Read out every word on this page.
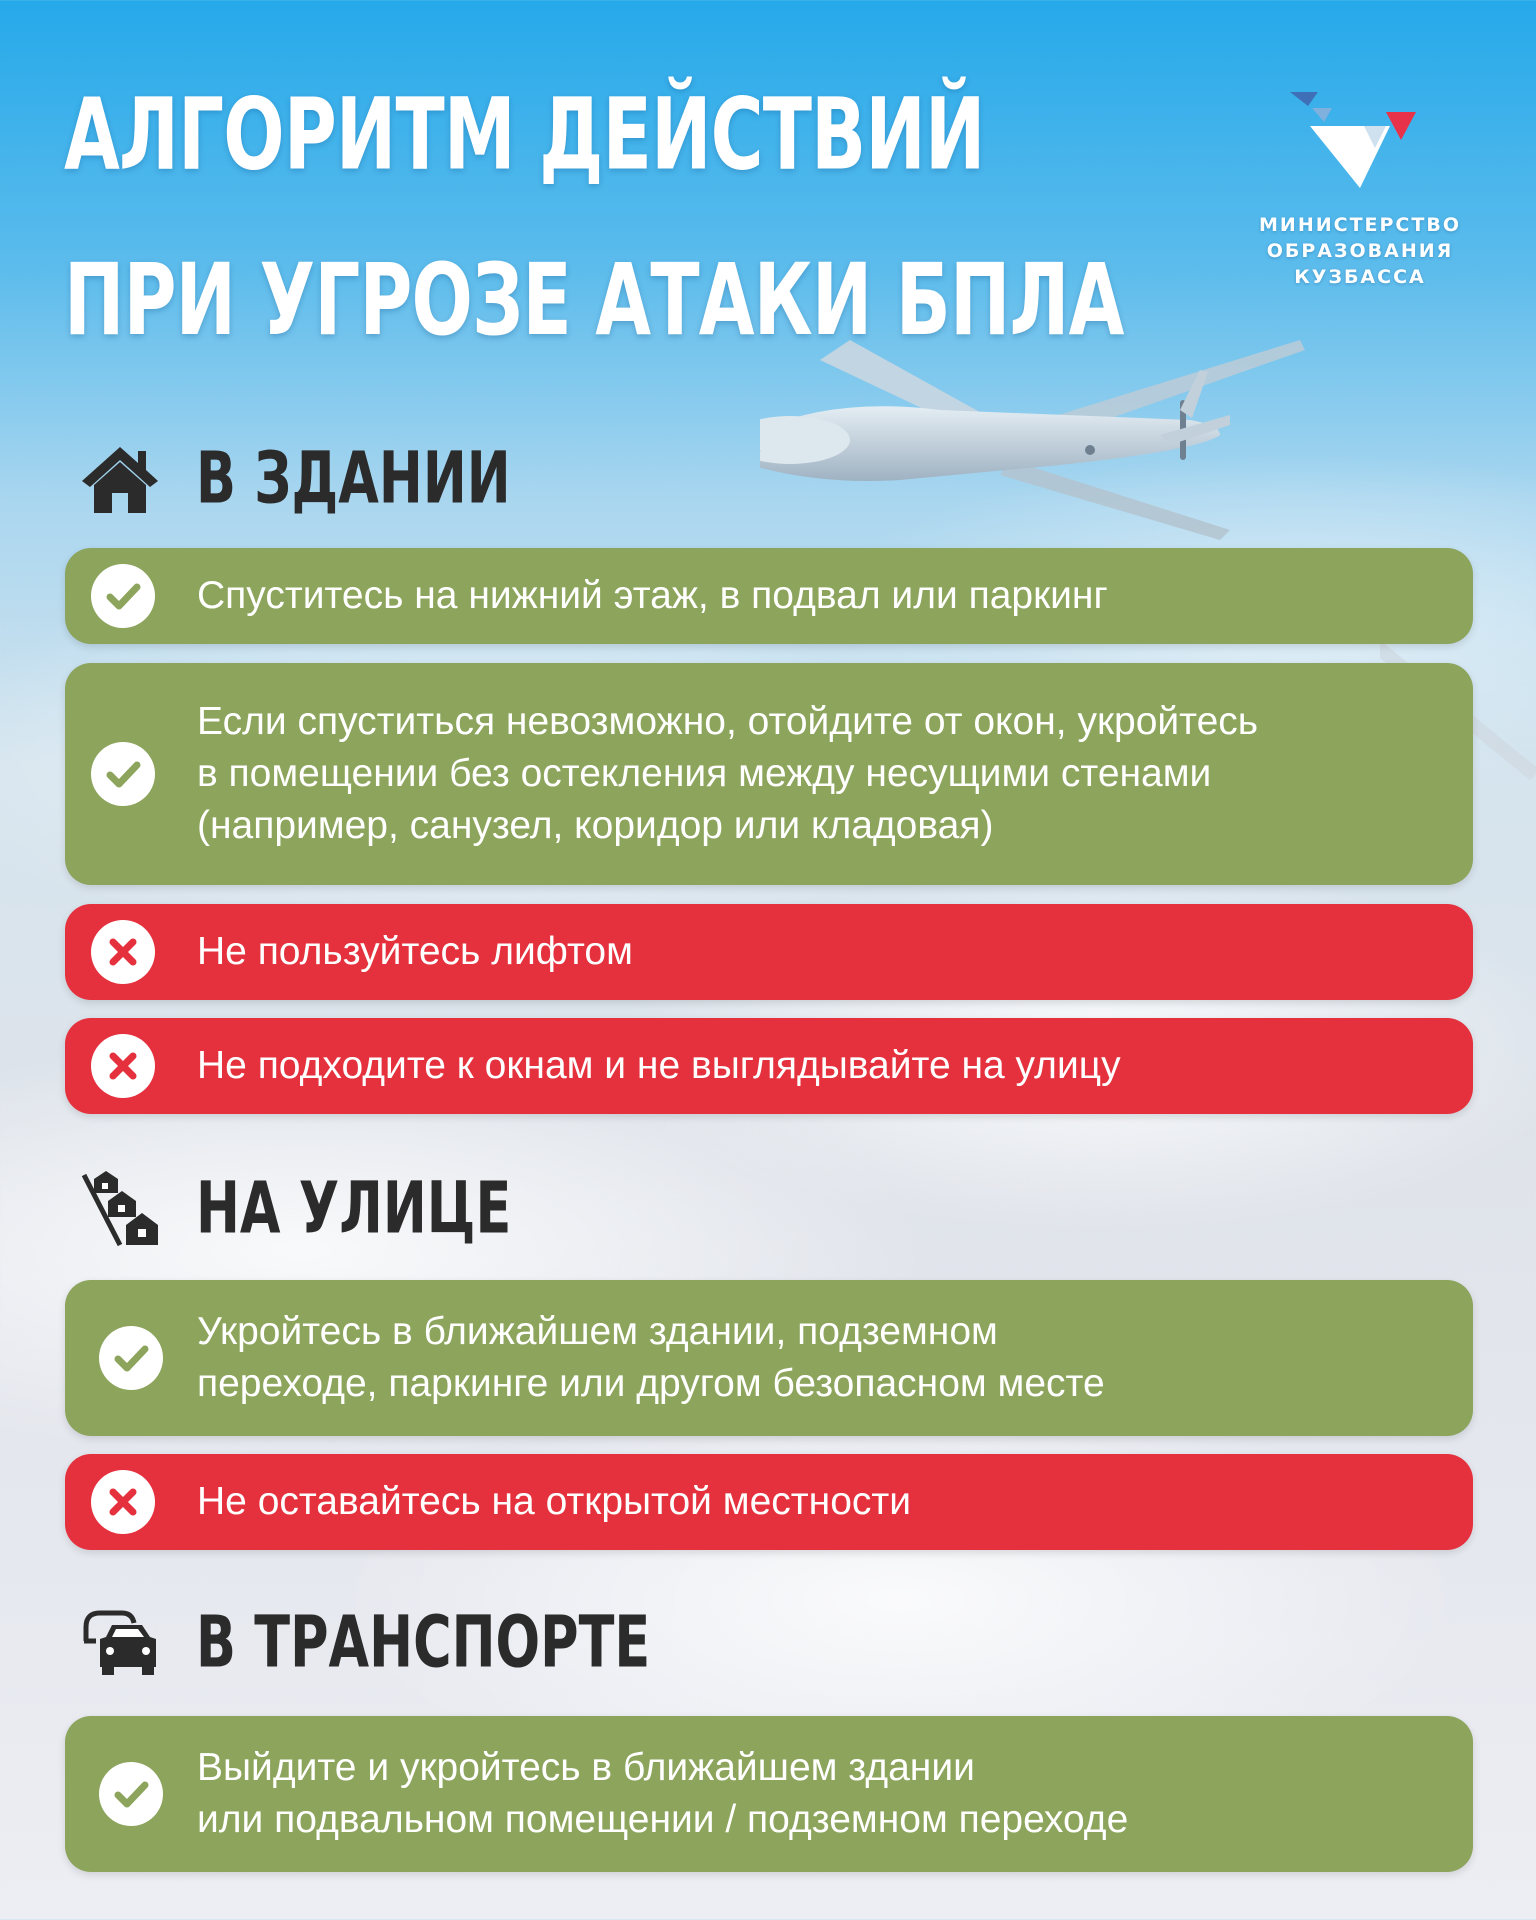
АЛГОРИТМ ДЕЙСТВИЙ
ПРИ УГРОЗЕ АТАКИ БПЛА
МИНИСТЕРСТВО
ОБРАЗОВАНИЯ
КУЗБАССА
В ЗДАНИИ
Спуститесь на нижний этаж, в подвал или паркинг
Если спуститься невозможно, отойдите от окон, укройтесь
в помещении без остекления между несущими стенами
(например, санузел, коридор или кладовая)
Не пользуйтесь лифтом
Не подходите к окнам и не выглядывайте на улицу
НА УЛИЦЕ
Укройтесь в ближайшем здании, подземном
переходе, паркинге или другом безопасном месте
Не оставайтесь на открытой местности
В ТРАНСПОРТЕ
Выйдите и укройтесь в ближайшем здании
или подвальном помещении / подземном переходе
